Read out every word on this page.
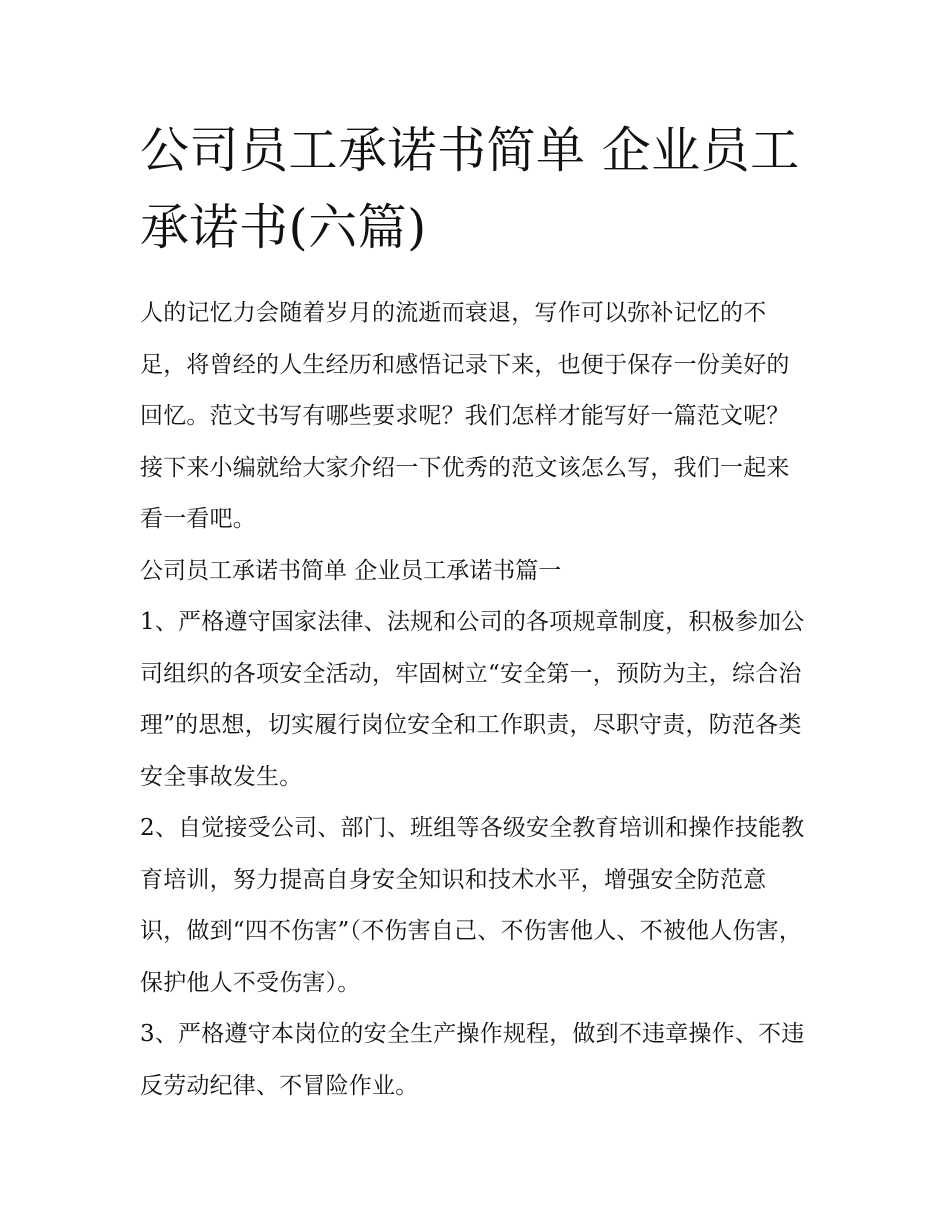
公司员工承诺书简单 企业员工承诺书(六篇)

人的记忆力会随着岁月的流逝而衰退，写作可以弥补记忆的不足，将曾经的人生经历和感悟记录下来，也便于保存一份美好的回忆。范文书写有哪些要求呢？我们怎样才能写好一篇范文呢？接下来小编就给大家介绍一下优秀的范文该怎么写，我们一起来看一看吧。

公司员工承诺书简单 企业员工承诺书篇一

1、严格遵守国家法律、法规和公司的各项规章制度，积极参加公司组织的各项安全活动，牢固树立“安全第一，预防为主，综合治理”的思想，切实履行岗位安全和工作职责，尽职守责，防范各类安全事故发生。

2、自觉接受公司、部门、班组等各级安全教育培训和操作技能教育培训，努力提高自身安全知识和技术水平，增强安全防范意识，做到“四不伤害”（不伤害自己、不伤害他人、不被他人伤害，保护他人不受伤害）。

3、严格遵守本岗位的安全生产操作规程，做到不违章操作、不违反劳动纪律、不冒险作业。
